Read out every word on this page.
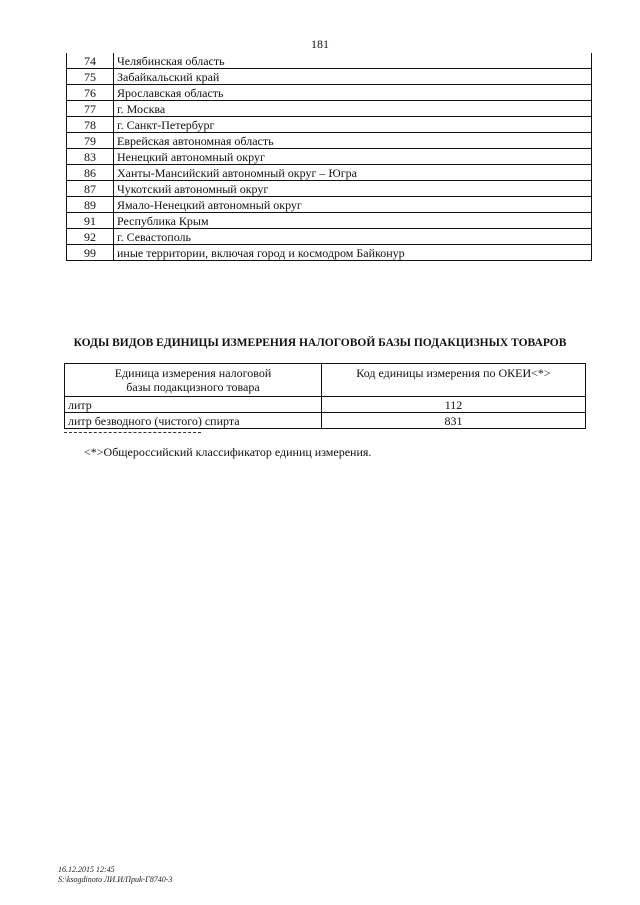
181
74	Челябинская область
75	Забайкальский край
76	Ярославская область
77	г. Москва
78	г. Санкт-Петербург
79	Еврейская автономная область
83	Ненецкий автономный округ
86	Ханты-Мансийский автономный округ – Югра
87	Чукотский автономный округ
89	Ямало-Ненецкий автономный округ
91	Республика Крым
92	г. Севастополь
99	иные территории, включая город и космодром Байконур
КОДЫ ВИДОВ ЕДИНИЦЫ ИЗМЕРЕНИЯ НАЛОГОВОЙ БАЗЫ ПОДАКЦИЗНЫХ ТОВАРОВ
Единица измерения налоговой
базы подакцизного товара	Код единицы измерения по ОКЕИ<*>
литр	112
литр безводного (чистого) спирта	831
<*>Общероссийский классификатор единиц измерения.
16.12.2015 12:45
S:\ksogdinoto ЛИ.И/Приk-Г8740-3
